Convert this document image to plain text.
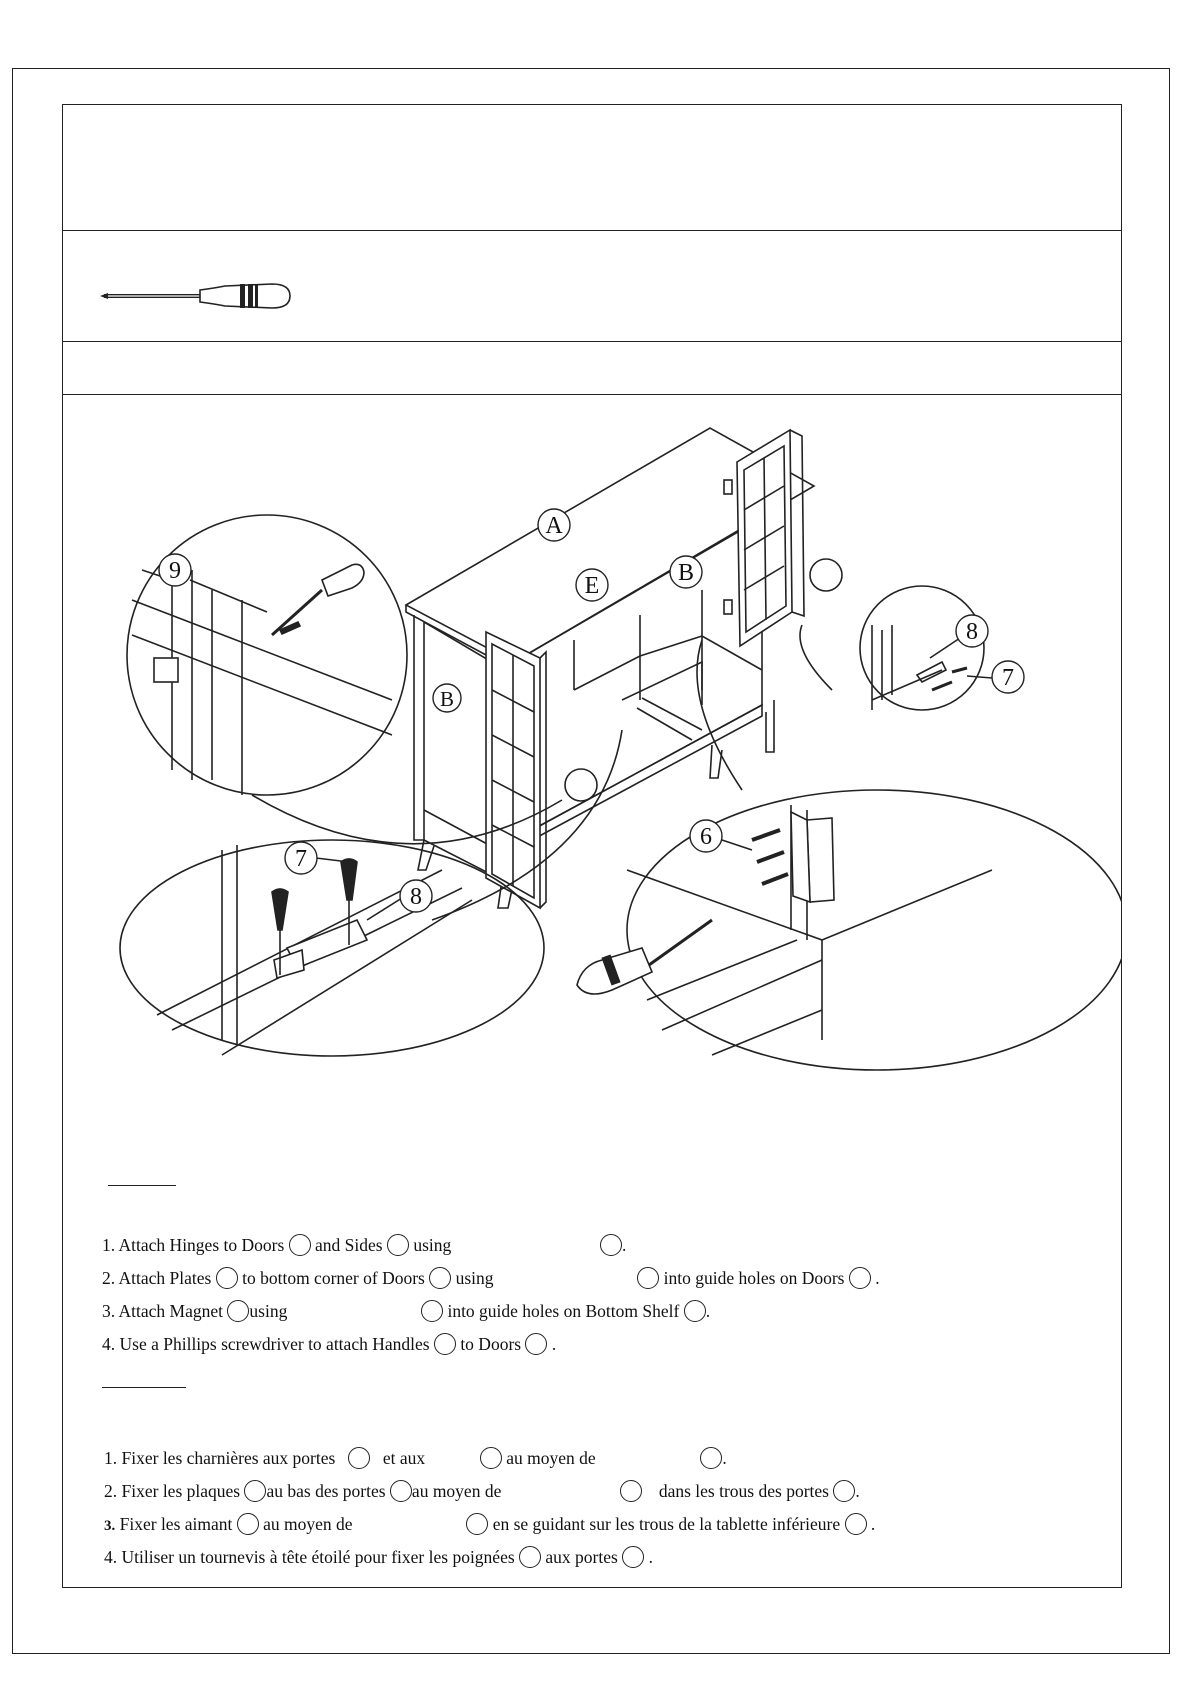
A
E	B
B
9
8
7
7
8
6
1. Attach Hinges to Doors and Sides using	.
2. Attach Plates to bottom corner of Doors using	into guide holes on Doors .
3. Attach Magnet using	into guide holes on Bottom Shelf .
4. Use a Phillips screwdriver to attach Handles to Doors .
1. Fixer les charnières aux portes	et aux	au moyen de	.
2. Fixer les plaques au bas des portes au moyen de	dans les trous des portes .
3. Fixer les aimant au moyen de	en se guidant sur les trous de la tablette inférieure .
4. Utiliser un tournevis à tête étoilé pour fixer les poignées aux portes .
